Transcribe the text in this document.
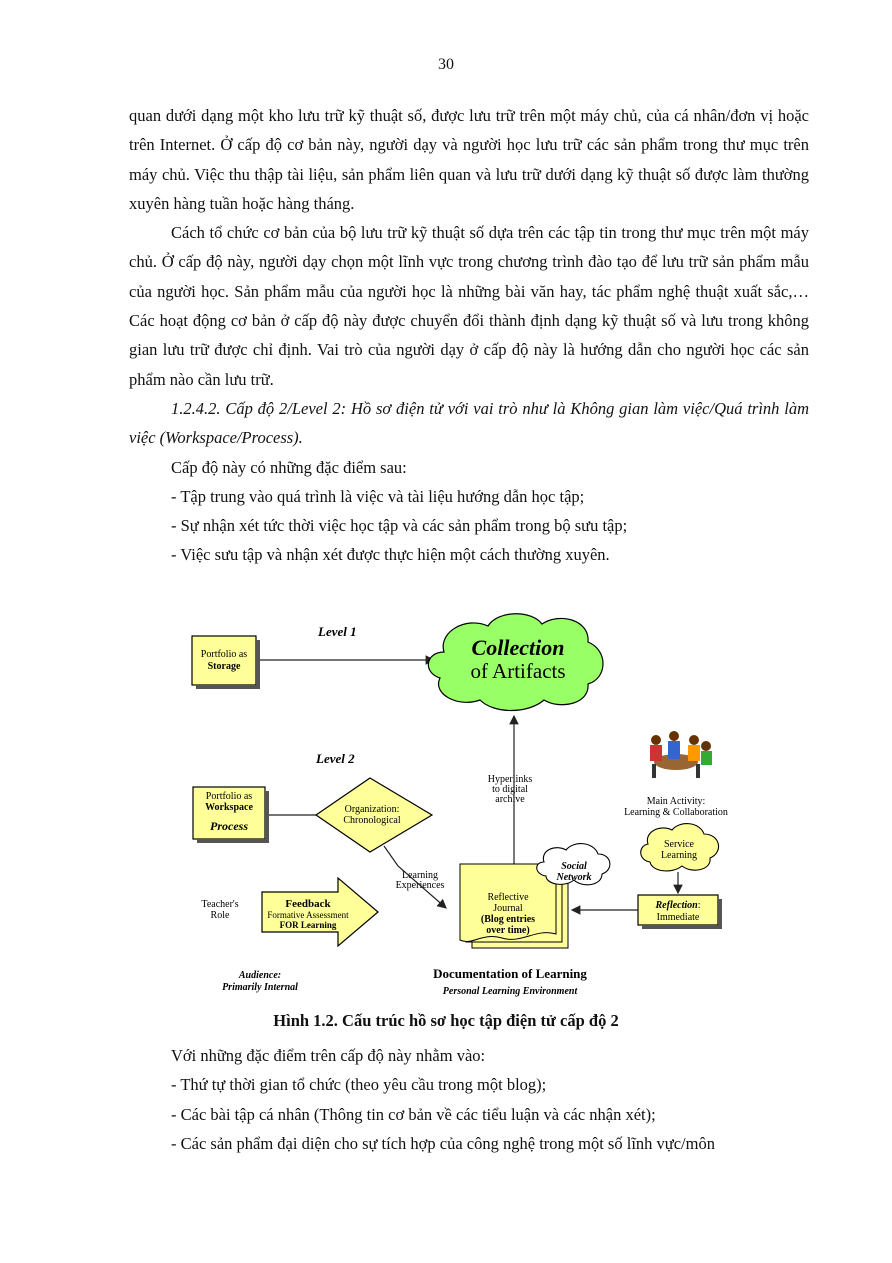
30

quan dưới dạng một kho lưu trữ kỹ thuật số, được lưu trữ trên một máy chủ, của cá nhân/đơn vị hoặc trên Internet. Ở cấp độ cơ bản này, người dạy và người học lưu trữ các sản phẩm trong thư mục trên máy chủ. Việc thu thập tài liệu, sản phẩm liên quan và lưu trữ dưới dạng kỹ thuật số được làm thường xuyên hàng tuần hoặc hàng tháng.

Cách tổ chức cơ bản của bộ lưu trữ kỹ thuật số dựa trên các tập tin trong thư mục trên một máy chủ. Ở cấp độ này, người dạy chọn một lĩnh vực trong chương trình đào tạo để lưu trữ sản phẩm mẫu của người học. Sản phẩm mẫu của người học là những bài văn hay, tác phẩm nghệ thuật xuất sắc,… Các hoạt động cơ bản ở cấp độ này được chuyển đổi thành định dạng kỹ thuật số và lưu trong không gian lưu trữ được chỉ định. Vai trò của người dạy ở cấp độ này là hướng dẫn cho người học các sản phẩm nào cần lưu trữ.

1.2.4.2. Cấp độ 2/Level 2: Hồ sơ điện tử với vai trò như là Không gian làm việc/Quá trình làm việc (Workspace/Process).

Cấp độ này có những đặc điểm sau:

- Tập trung vào quá trình là việc và tài liệu hướng dẫn học tập;

- Sự nhận xét tức thời việc học tập và các sản phẩm trong bộ sưu tập;

- Việc sưu tập và nhận xét được thực hiện một cách thường xuyên.

Level 1
Portfolio as
Storage
Collection
of Artifacts
Level 2
Portfolio as
Workspace
Process
Organization:
Chronological
Hyperlinks
to digital
archive	Main Activity:
Learning & Collaboration
Service
Learning
Learning
Experiences
Reflective
Journal
(Blog entries
over time)
Social
Network
Teacher's
Role
Feedback
Formative Assessment
FOR Learning
Reflection:
Immediate
Audience:
Primarily Internal
Documentation of Learning
Personal Learning Environment
Hình 1.2. Cấu trúc hồ sơ học tập điện tử cấp độ 2

Với những đặc điểm trên cấp độ này nhằm vào:

- Thứ tự thời gian tổ chức (theo yêu cầu trong một blog);

- Các bài tập cá nhân (Thông tin cơ bản về các tiểu luận và các nhận xét);

- Các sản phẩm đại diện cho sự tích hợp của công nghệ trong một số lĩnh vực/môn
